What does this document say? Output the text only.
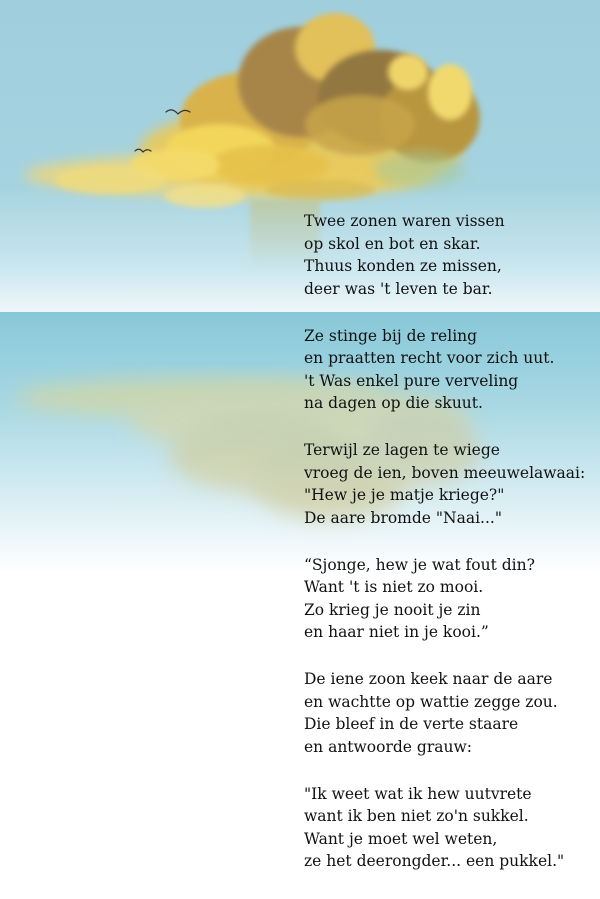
Twee zonen waren vissen
op skol en bot en skar.
Thuus konden ze missen,
deer was 't leven te bar.
Ze stinge bij de reling
en praatten recht voor zich uut.
't Was enkel pure verveling
na dagen op die skuut.
Terwijl ze lagen te wiege
vroeg de ien, boven meeuwelawaai:
"Hew je je matje kriege?"
De aare bromde "Naai..."
“Sjonge, hew je wat fout din?
Want 't is niet zo mooi.
Zo krieg je nooit je zin
en haar niet in je kooi.”
De iene zoon keek naar de aare
en wachtte op wattie zegge zou.
Die bleef in de verte staare
en antwoorde grauw:
"Ik weet wat ik hew uutvrete
want ik ben niet zo'n sukkel.
Want je moet wel weten,
ze het deerongder... een pukkel."
